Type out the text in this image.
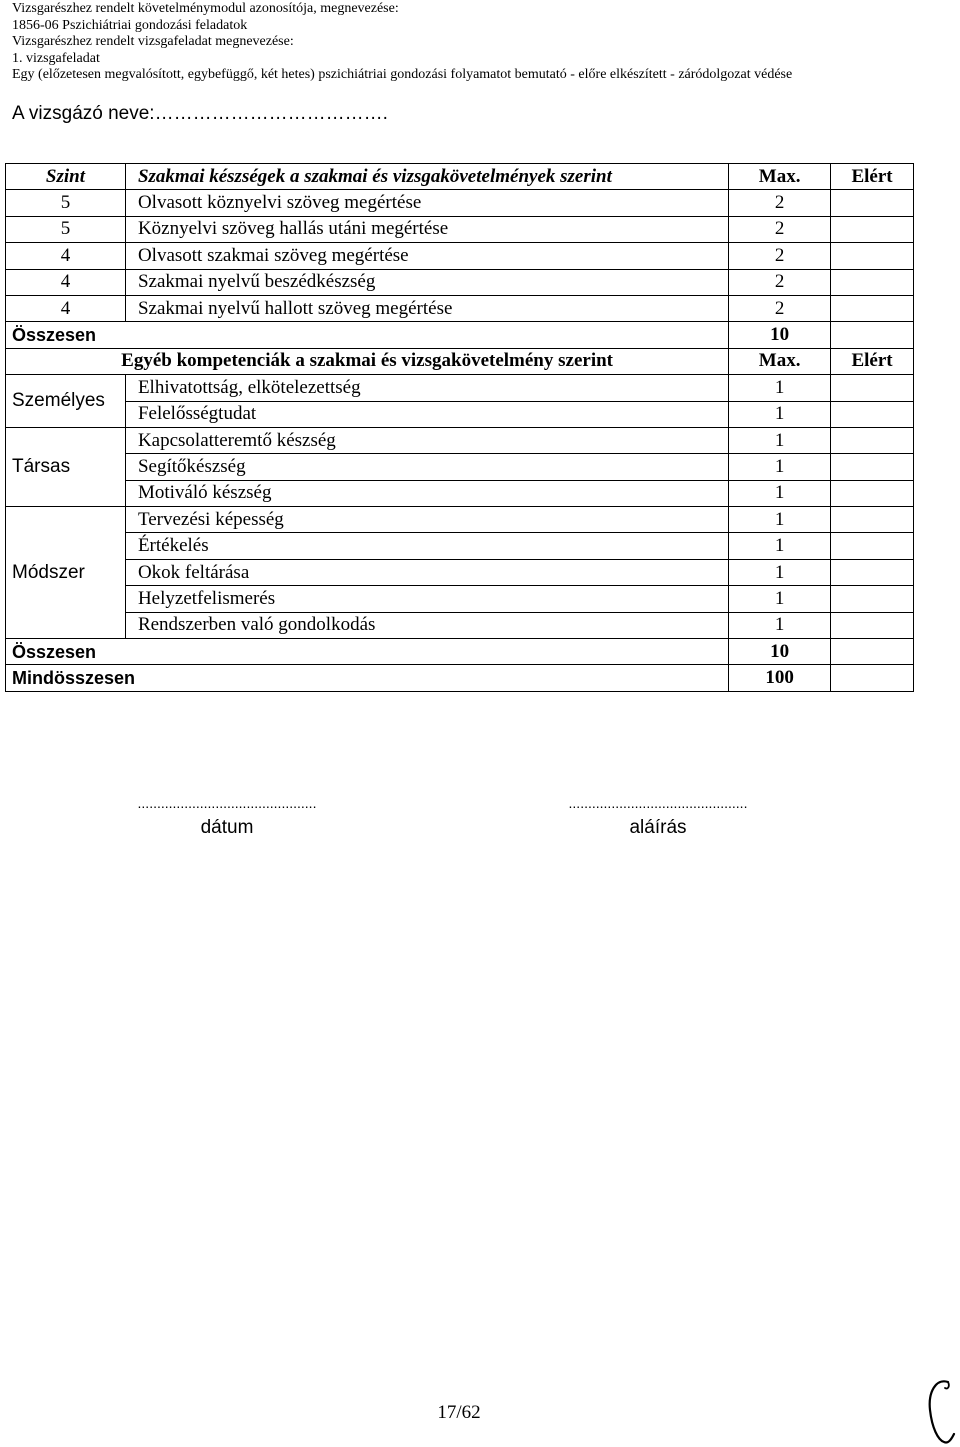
Vizsgarészhez rendelt követelménymodul azonosítója, megnevezése:
1856-06 Pszichiátriai gondozási feladatok
Vizsgarészhez rendelt vizsgafeladat megnevezése:
1. vizsgafeladat
Egy (előzetesen megvalósított, egybefüggő, két hetes) pszichiátriai gondozási folyamatot bemutató - előre elkészített - záródolgozat védése
A vizsgázó neve:……………………………….
Szint	Szakmai készségek a szakmai és vizsgakövetelmények szerint	Max.	Elért
5	Olvasott köznyelvi szöveg megértése	2	
5	Köznyelvi szöveg hallás utáni megértése	2	
4	Olvasott szakmai szöveg megértése	2	
4	Szakmai nyelvű beszédkészség	2	
4	Szakmai nyelvű hallott szöveg megértése	2	
Összesen		10	
Egyéb kompetenciák a szakmai és vizsgakövetelmény szerint		Max.	Elért
Személyes	Elhivatottság, elkötelezettség	1	
	Felelősségtudat	1	
Társas	Kapcsolatteremtő készség	1	
	Segítőkészség	1	
	Motiváló készség	1	
Módszer	Tervezési képesség	1	
	Értékelés	1	
	Okok feltárása	1	
	Helyzetfelismerés	1	
	Rendszerben való gondolkodás	1	
Összesen		10	
Mindösszesen		100	
..............................................
dátum
..............................................
aláírás
17/62
